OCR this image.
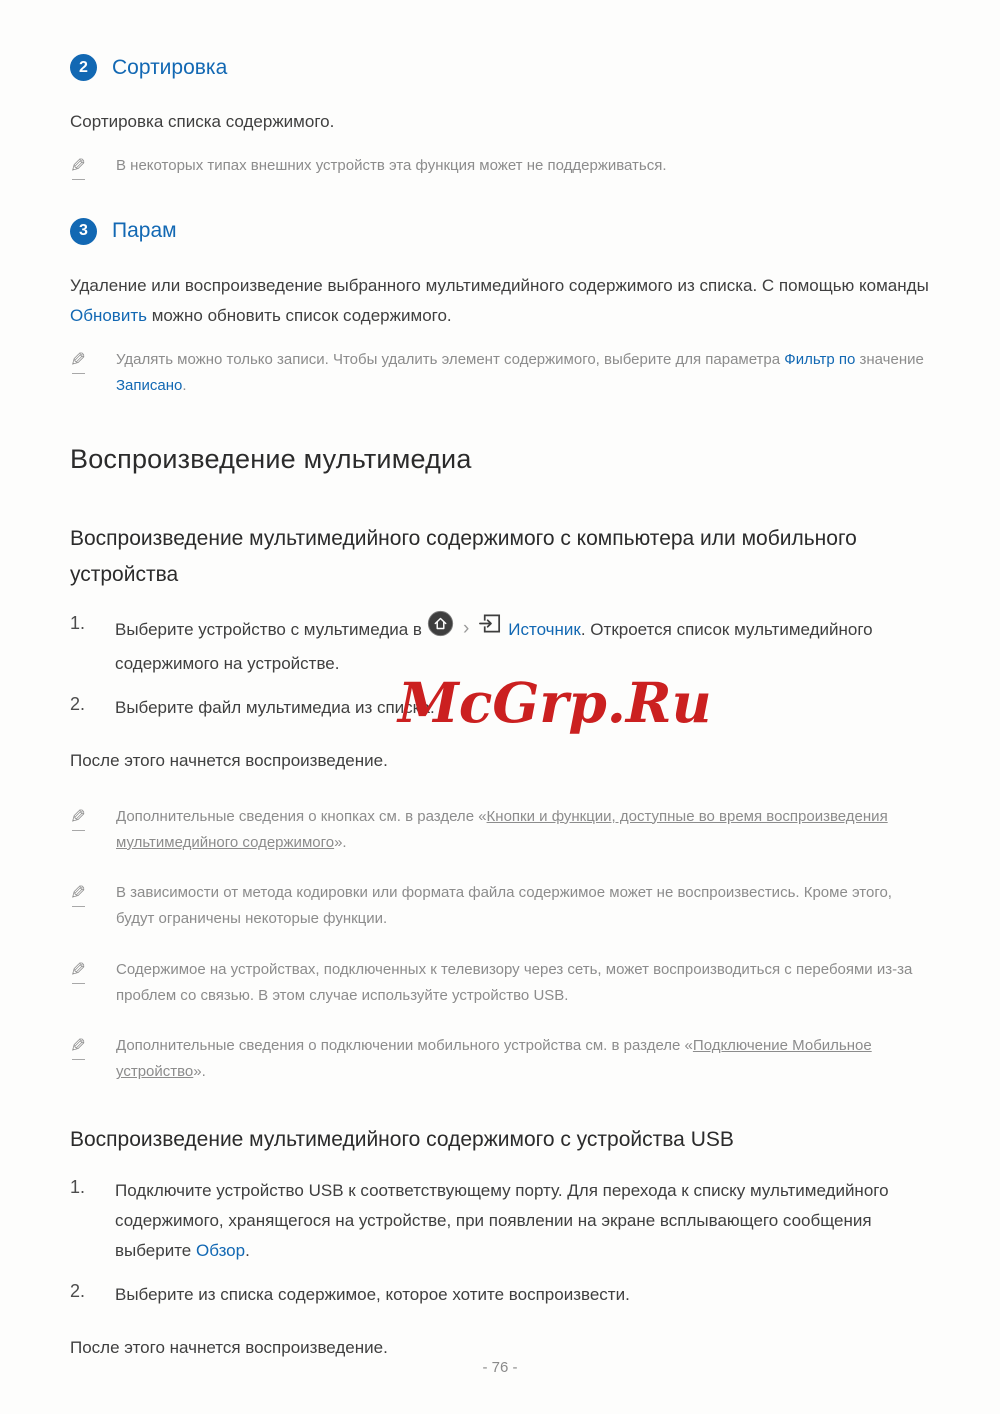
2	Сортировка

Сортировка списка содержимого.

✎	В некоторых типах внешних устройств эта функция может не поддерживаться.
3	Парам

Удаление или воспроизведение выбранного мультимедийного содержимого из списка. С помощью команды Обновить можно обновить список содержимого.

✎	Удалять можно только записи. Чтобы удалить элемент содержимого, выберите для параметра Фильтр по значение Записано.
Воспроизведение мультимедиа
Воспроизведение мультимедийного содержимого с компьютера или мобильного устройства
1.	Выберите устройство с мультимедиа в › Источник. Откроется список мультимедийного содержимого на устройстве.
2.	Выберите файл мультимедиа из списка.

После этого начнется воспроизведение.

✎	Дополнительные сведения о кнопках см. в разделе «Кнопки и функции, доступные во время воспроизведения мультимедийного содержимого».
✎	В зависимости от метода кодировки или формата файла содержимое может не воспроизвестись. Кроме этого, будут ограничены некоторые функции.
✎	Содержимое на устройствах, подключенных к телевизору через сеть, может воспроизводиться с перебоями из-за проблем со связью. В этом случае используйте устройство USB.
✎	Дополнительные сведения о подключении мобильного устройства см. в разделе «Подключение Мобильное устройство».
Воспроизведение мультимедийного содержимого с устройства USB
1.	Подключите устройство USB к соответствующему порту. Для перехода к списку мультимедийного содержимого, хранящегося на устройстве, при появлении на экране всплывающего сообщения выберите Обзор.
2.	Выберите из списка содержимое, которое хотите воспроизвести.

После этого начнется воспроизведение.

McGrp.Ru
- 76 -
